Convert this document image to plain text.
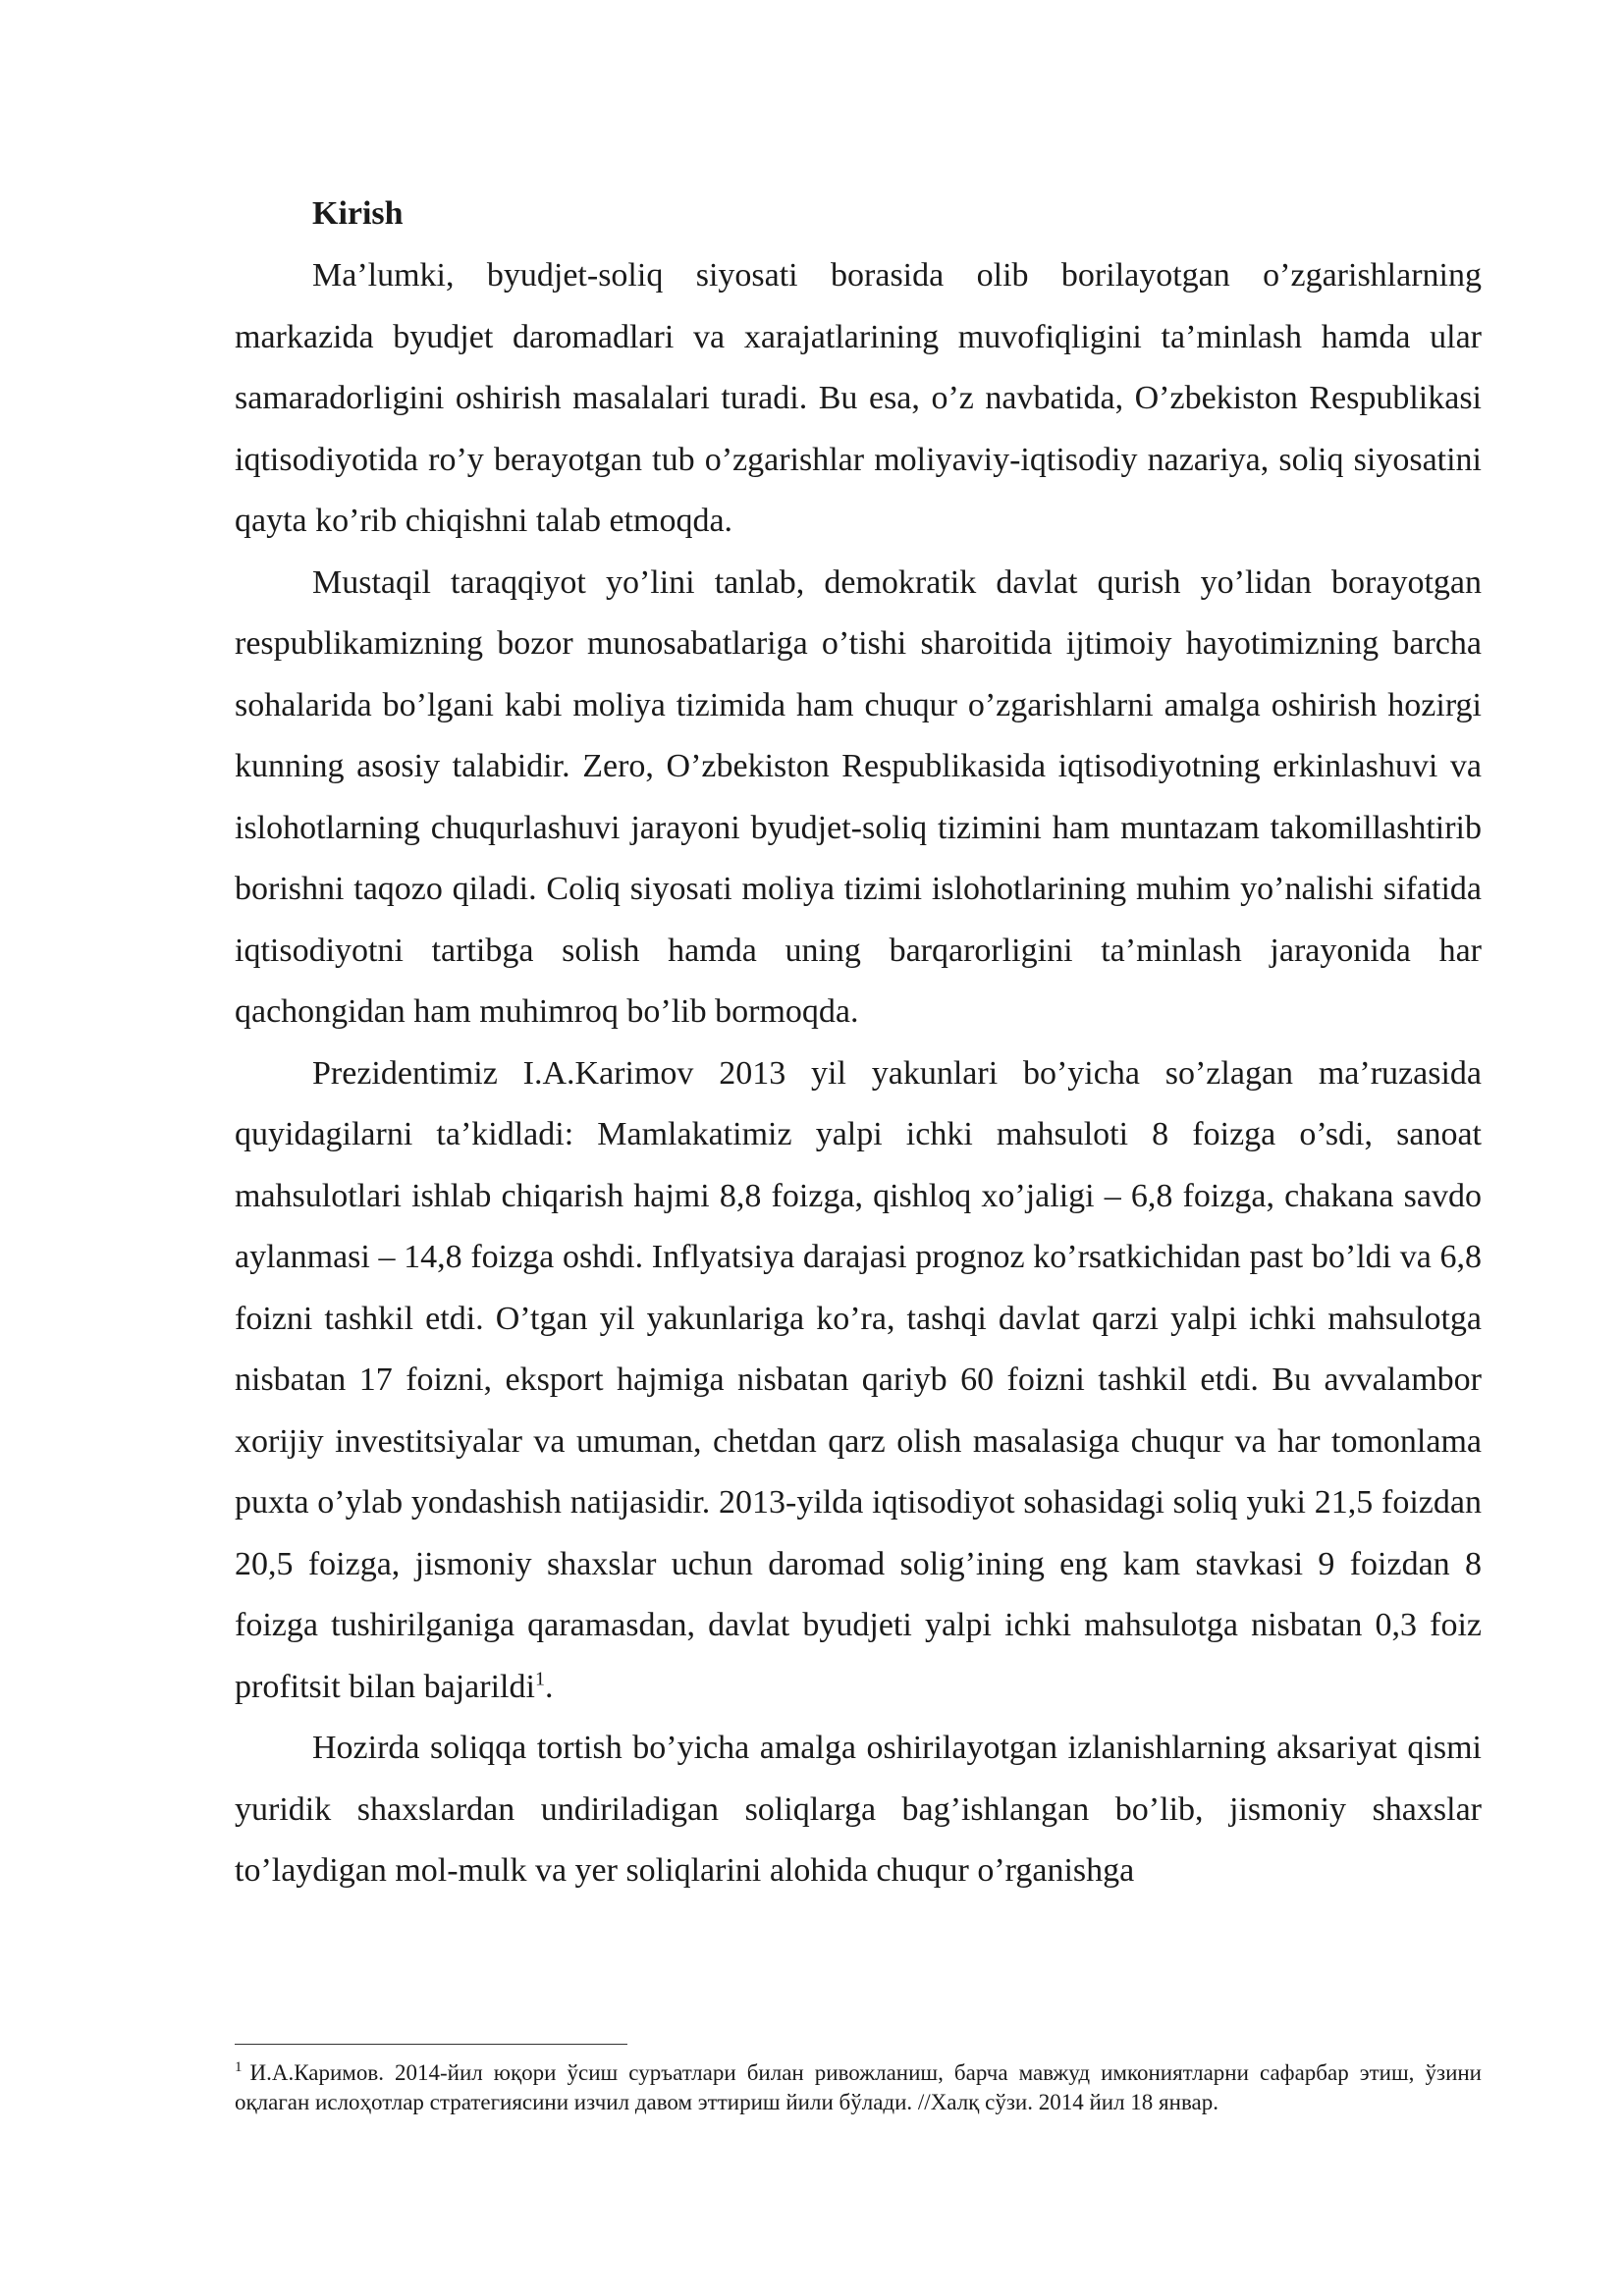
Kirish

Ma’lumki, byudjet-soliq siyosati borasida olib borilayotgan o’zgarishlarning markazida byudjet daromadlari va xarajatlarining muvofiqligini ta’minlash hamda ular samaradorligini oshirish masalalari turadi. Bu esa, o’z navbatida, O’zbekiston Respublikasi iqtisodiyotida ro’y berayotgan tub o’zgarishlar moliyaviy-iqtisodiy nazariya, soliq siyosatini qayta ko’rib chiqishni talab etmoqda.

Mustaqil taraqqiyot yo’lini tanlab, demokratik davlat qurish yo’lidan borayotgan respublikamizning bozor munosabatlariga o’tishi sharoitida ijtimoiy hayotimizning barcha sohalarida bo’lgani kabi moliya tizimida ham chuqur o’zgarishlarni amalga oshirish hozirgi kunning asosiy talabidir. Zero, O’zbekiston Respublikasida iqtisodiyotning erkinlashuvi va islohotlarning chuqurlashuvi jarayoni byudjet-soliq tizimini ham muntazam takomillashtirib borishni taqozo qiladi. Coliq siyosati moliya tizimi islohotlarining muhim yo’nalishi sifatida iqtisodiyotni tartibga solish hamda uning barqarorligini ta’minlash jarayonida har qachongidan ham muhimroq bo’lib bormoqda.

Prezidentimiz I.A.Karimov 2013 yil yakunlari bo’yicha so’zlagan ma’ruzasida quyidagilarni ta’kidladi: Mamlakatimiz yalpi ichki mahsuloti 8 foizga o’sdi, sanoat mahsulotlari ishlab chiqarish hajmi 8,8 foizga, qishloq xo’jaligi – 6,8 foizga, chakana savdo aylanmasi – 14,8 foizga oshdi. Inflyatsiya darajasi prognoz ko’rsatkichidan past bo’ldi va 6,8 foizni tashkil etdi. O’tgan yil yakunlariga ko’ra, tashqi davlat qarzi yalpi ichki mahsulotga nisbatan 17 foizni, eksport hajmiga nisbatan qariyb 60 foizni tashkil etdi. Bu avvalambor xorijiy investitsiyalar va umuman, chetdan qarz olish masalasiga chuqur va har tomonlama puxta o’ylab yondashish natijasidir. 2013-yilda iqtisodiyot sohasidagi soliq yuki 21,5 foizdan 20,5 foizga, jismoniy shaxslar uchun daromad solig’ining eng kam stavkasi 9 foizdan 8 foizga tushirilganiga qaramasdan, davlat byudjeti yalpi ichki mahsulotga nisbatan 0,3 foiz profitsit bilan bajarildi$^1$.

Hozirda soliqqa tortish bo’yicha amalga oshirilayotgan izlanishlarning aksariyat qismi yuridik shaxslardan undiriladigan soliqlarga bag’ishlangan bo’lib, jismoniy shaxslar to’laydigan mol-mulk va yer soliqlarini alohida chuqur o’rganishga

$^1$ И.А.Каримов. 2014-йил юқори ўсиш суръатлари билан ривожланиш, барча мавжуд имкониятларни сафарбар этиш, ўзини оқлаган ислоҳотлар стратегиясини изчил давом эттириш йили бўлади. //Халқ сўзи. 2014 йил 18 январ.
